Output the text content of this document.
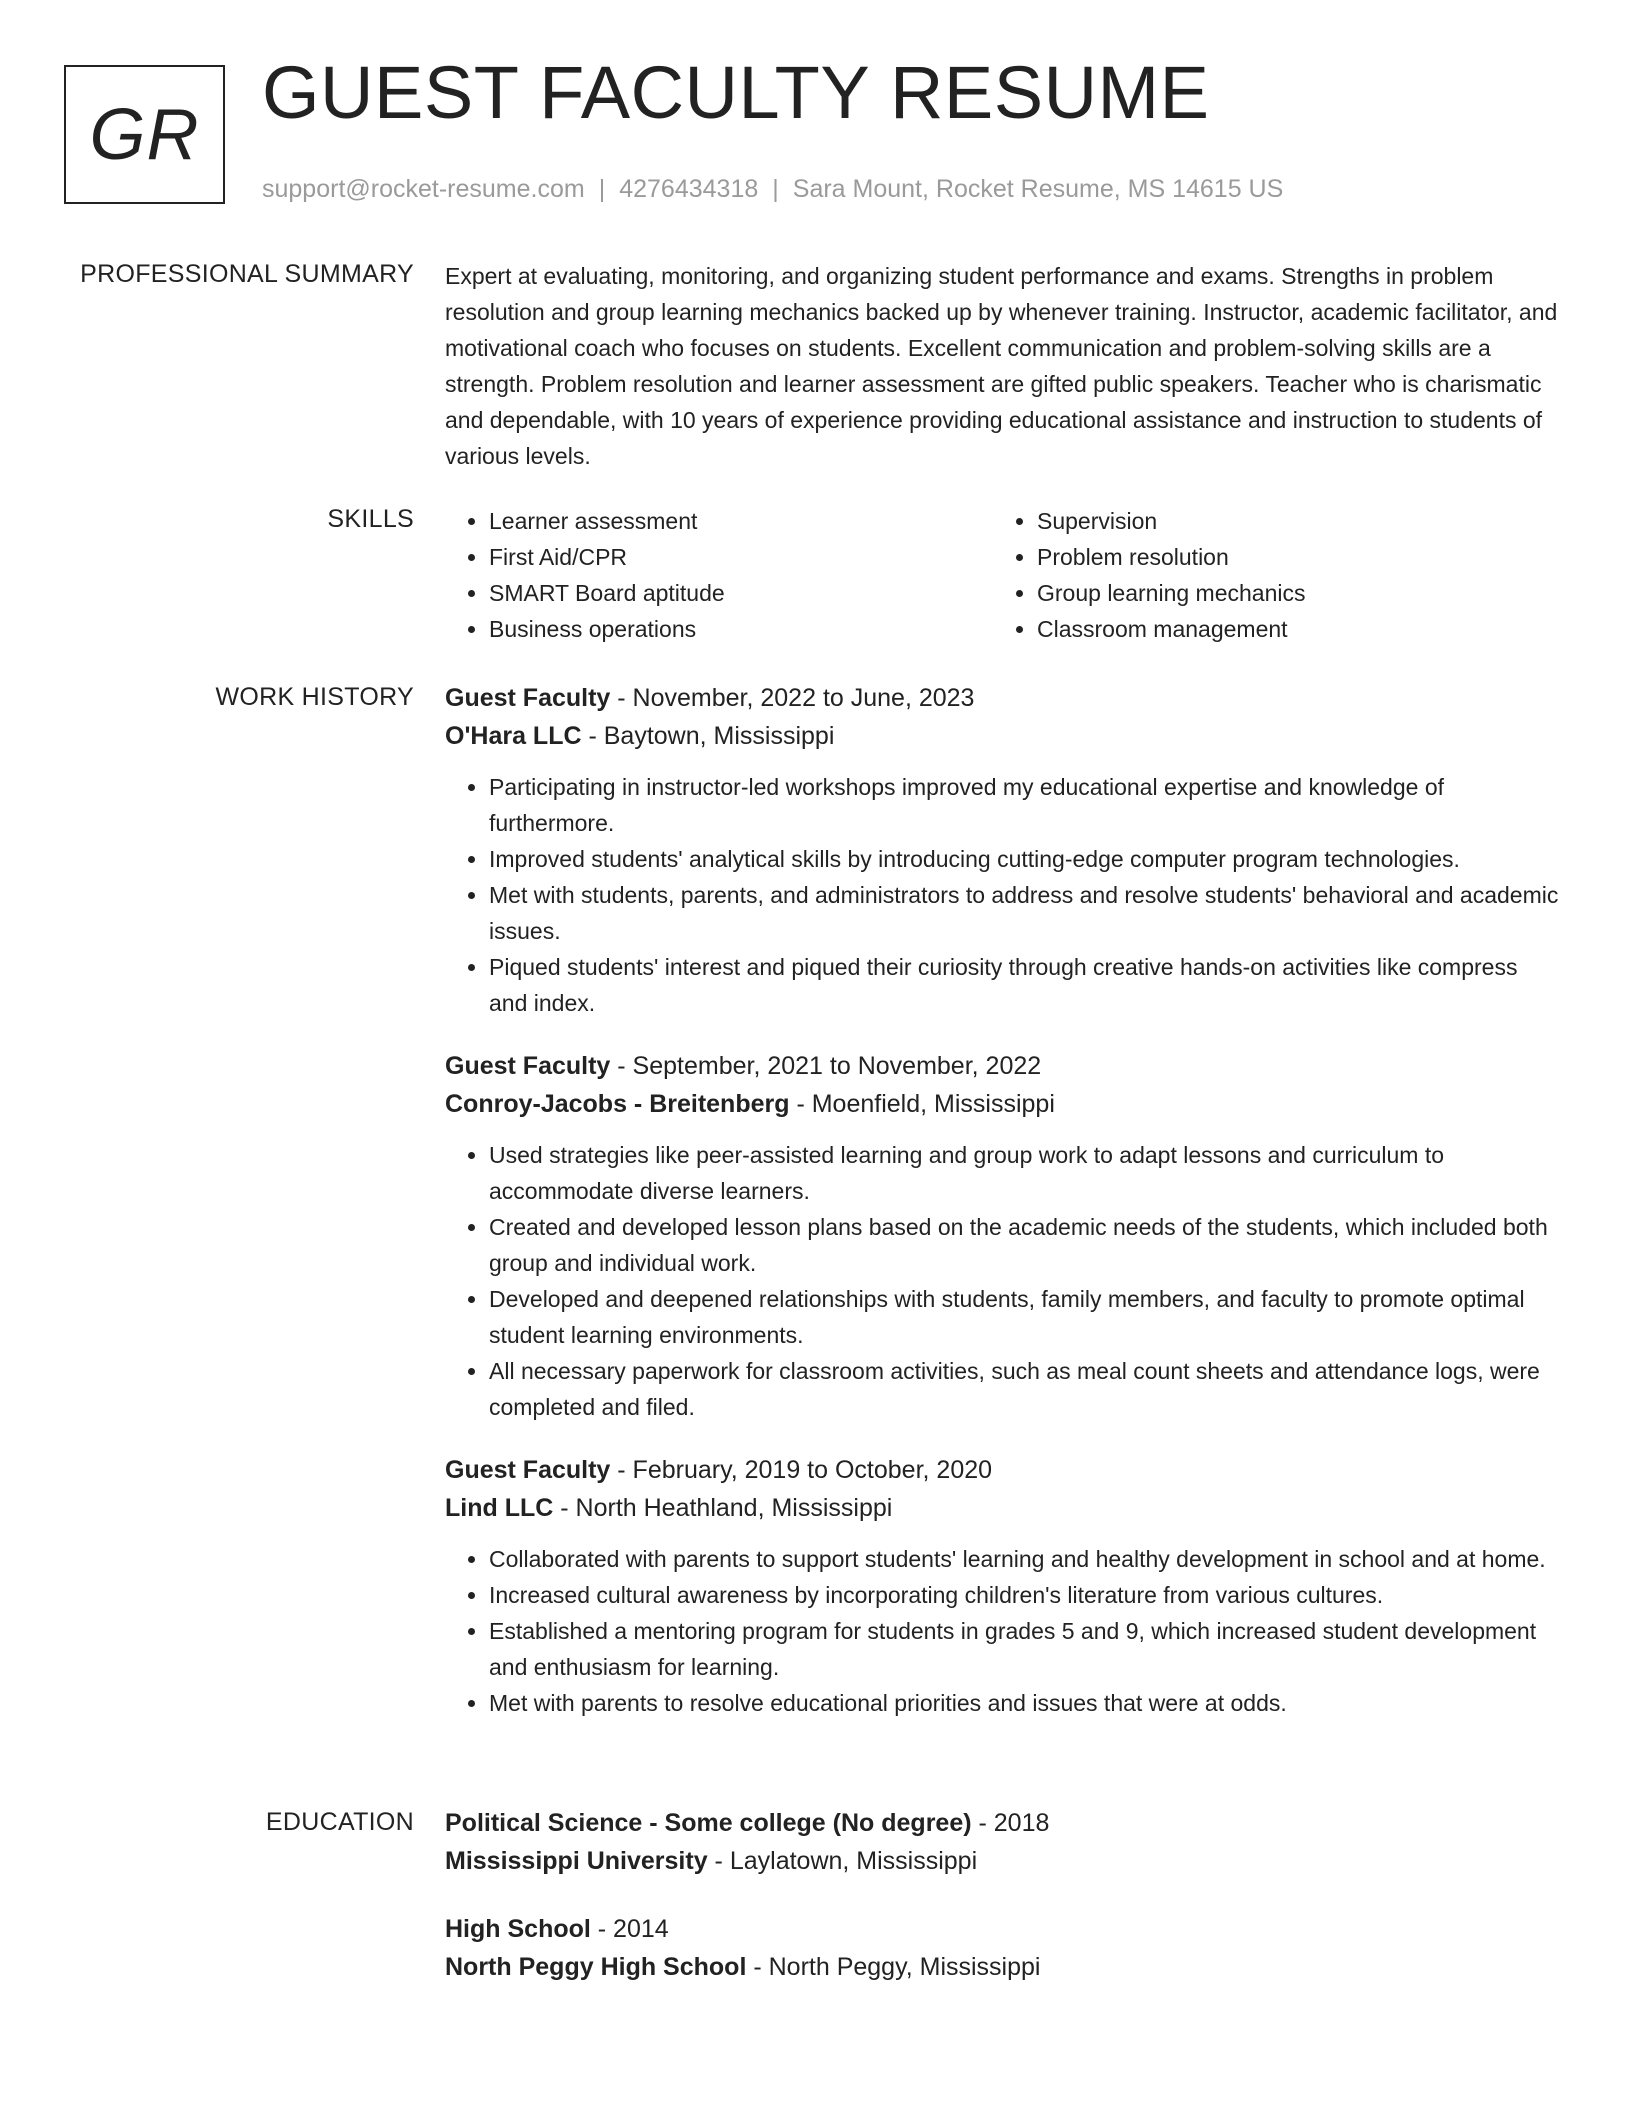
GR
GUEST FACULTY RESUME
support@rocket-resume.com | 4276434318 | Sara Mount, Rocket Resume, MS 14615 US
PROFESSIONAL SUMMARY Expert at evaluating, monitoring, and organizing student performance and exams. Strengths in problem resolution and group learning mechanics backed up by whenever training. Instructor, academic facilitator, and motivational coach who focuses on students. Excellent communication and problem-solving skills are a strength. Problem resolution and learner assessment are gifted public speakers. Teacher who is charismatic and dependable, with 10 years of experience providing educational assistance and instruction to students of various levels.

SKILLS
•	Learner assessment
• First Aid/CPR
• SMART Board aptitude
• Business operations
• Supervision
• Problem resolution
• Group learning mechanics
• Classroom management
WORK HISTORY Guest Faculty - November, 2022 to June, 2023
O'Hara LLC - Baytown, Mississippi
• Participating in instructor-led workshops improved my educational expertise and knowledge of furthermore.
• Improved students' analytical skills by introducing cutting-edge computer program technologies.
• Met with students, parents, and administrators to address and resolve students' behavioral and academic issues.
• Piqued students' interest and piqued their curiosity through creative hands-on activities like compress and index.
Guest Faculty - September, 2021 to November, 2022
Conroy-Jacobs - Breitenberg - Moenfield, Mississippi
• Used strategies like peer-assisted learning and group work to adapt lessons and curriculum to accommodate diverse learners.
• Created and developed lesson plans based on the academic needs of the students, which included both group and individual work.
• Developed and deepened relationships with students, family members, and faculty to promote optimal student learning environments.
• All necessary paperwork for classroom activities, such as meal count sheets and attendance logs, were completed and filed.
Guest Faculty - February, 2019 to October, 2020
Lind LLC - North Heathland, Mississippi
• Collaborated with parents to support students' learning and healthy development in school and at home.
• Increased cultural awareness by incorporating children's literature from various cultures.
• Established a mentoring program for students in grades 5 and 9, which increased student development and enthusiasm for learning.
• Met with parents to resolve educational priorities and issues that were at odds.
EDUCATION Political Science - Some college (No degree) - 2018
Mississippi University - Laylatown, Mississippi
High School - 2014
North Peggy High School - North Peggy, Mississippi
